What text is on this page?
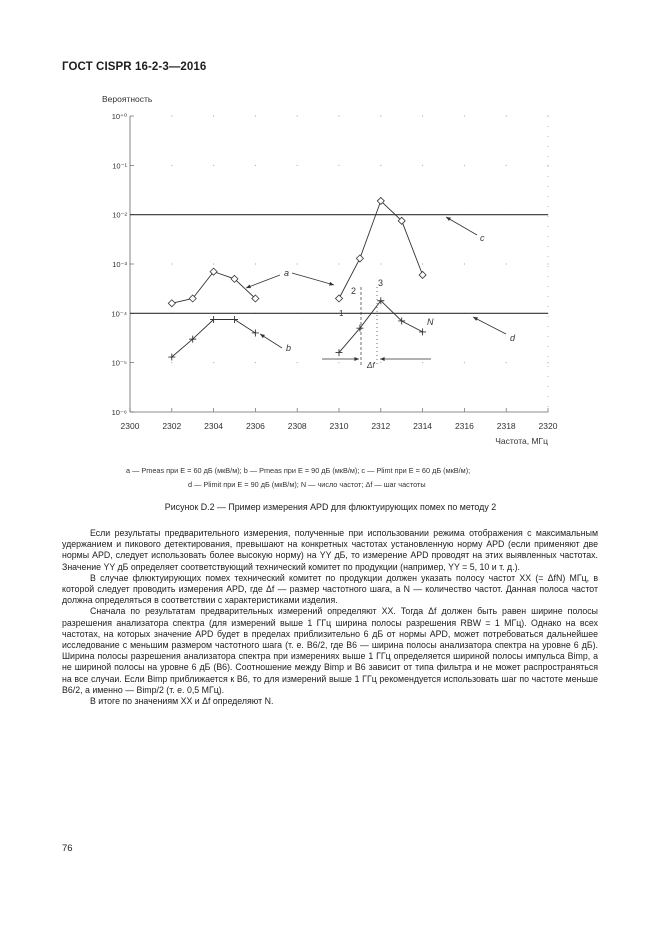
ГОСТ CISPR 16-2-3—2016
Вероятность
Частота, МГц
10⁻⁶
10⁻⁵
10⁻⁴
10⁻³
10⁻²
10⁻¹
10⁺⁰
2300	2302	2304	2306	2308	2310	2312	2314	2316	2318	2320
a
b
c
d
N
2
3
1
Δf
a — Pmeas при E = 60 дБ (мкВ/м); b — Pmeas при E = 90 дБ (мкВ/м); c — Plimt при E = 60 дБ (мкВ/м);
d — Plimit при E = 90 дБ (мкВ/м); N — число частот; Δf — шаг частоты
Рисунок D.2 — Пример измерения APD для флюктуирующих помех по методу 2

Если результаты предварительного измерения, полученные при использовании режима отображения с максимальным удержанием и пикового детектирования, превышают на конкретных частотах установленную норму APD (если применяют две нормы APD, следует использовать более высокую норму) на YY дБ, то измерение APD проводят на этих выявленных частотах. Значение YY дБ определяет соответствующий технический комитет по продукции (например, YY = 5, 10 и т. д.).

В случае флюктуирующих помех технический комитет по продукции должен указать полосу частот XX (= ΔfN) МГц, в которой следует проводить измерения APD, где Δf — размер частотного шага, а N — количество частот. Данная полоса частот должна определяться в соответствии с характеристиками изделия.

Сначала по результатам предварительных измерений определяют XX. Тогда Δf должен быть равен ширине полосы разрешения анализатора спектра (для измерений выше 1 ГГц ширина полосы разрешения RBW = 1 МГц). Однако на всех частотах, на которых значение APD будет в пределах приблизительно 6 дБ от нормы APD, может потребоваться дальнейшее исследование с меньшим размером частотного шага (т. е. B6/2, где B6 — ширина полосы анализатора спектра на уровне 6 дБ). Ширина полосы разрешения анализатора спектра при измерениях выше 1 ГГц определяется шириной полосы импульса Bimp, а не шириной полосы на уровне 6 дБ (B6). Соотношение между Bimp и B6 зависит от типа фильтра и не может распространяться на все случаи. Если Bimp приближается к B6, то для измерений выше 1 ГГц рекомендуется использовать шаг по частоте меньше B6/2, а именно — Bimp/2 (т. е. 0,5 МГц).

В итоге по значениям XX и Δf определяют N.

76
